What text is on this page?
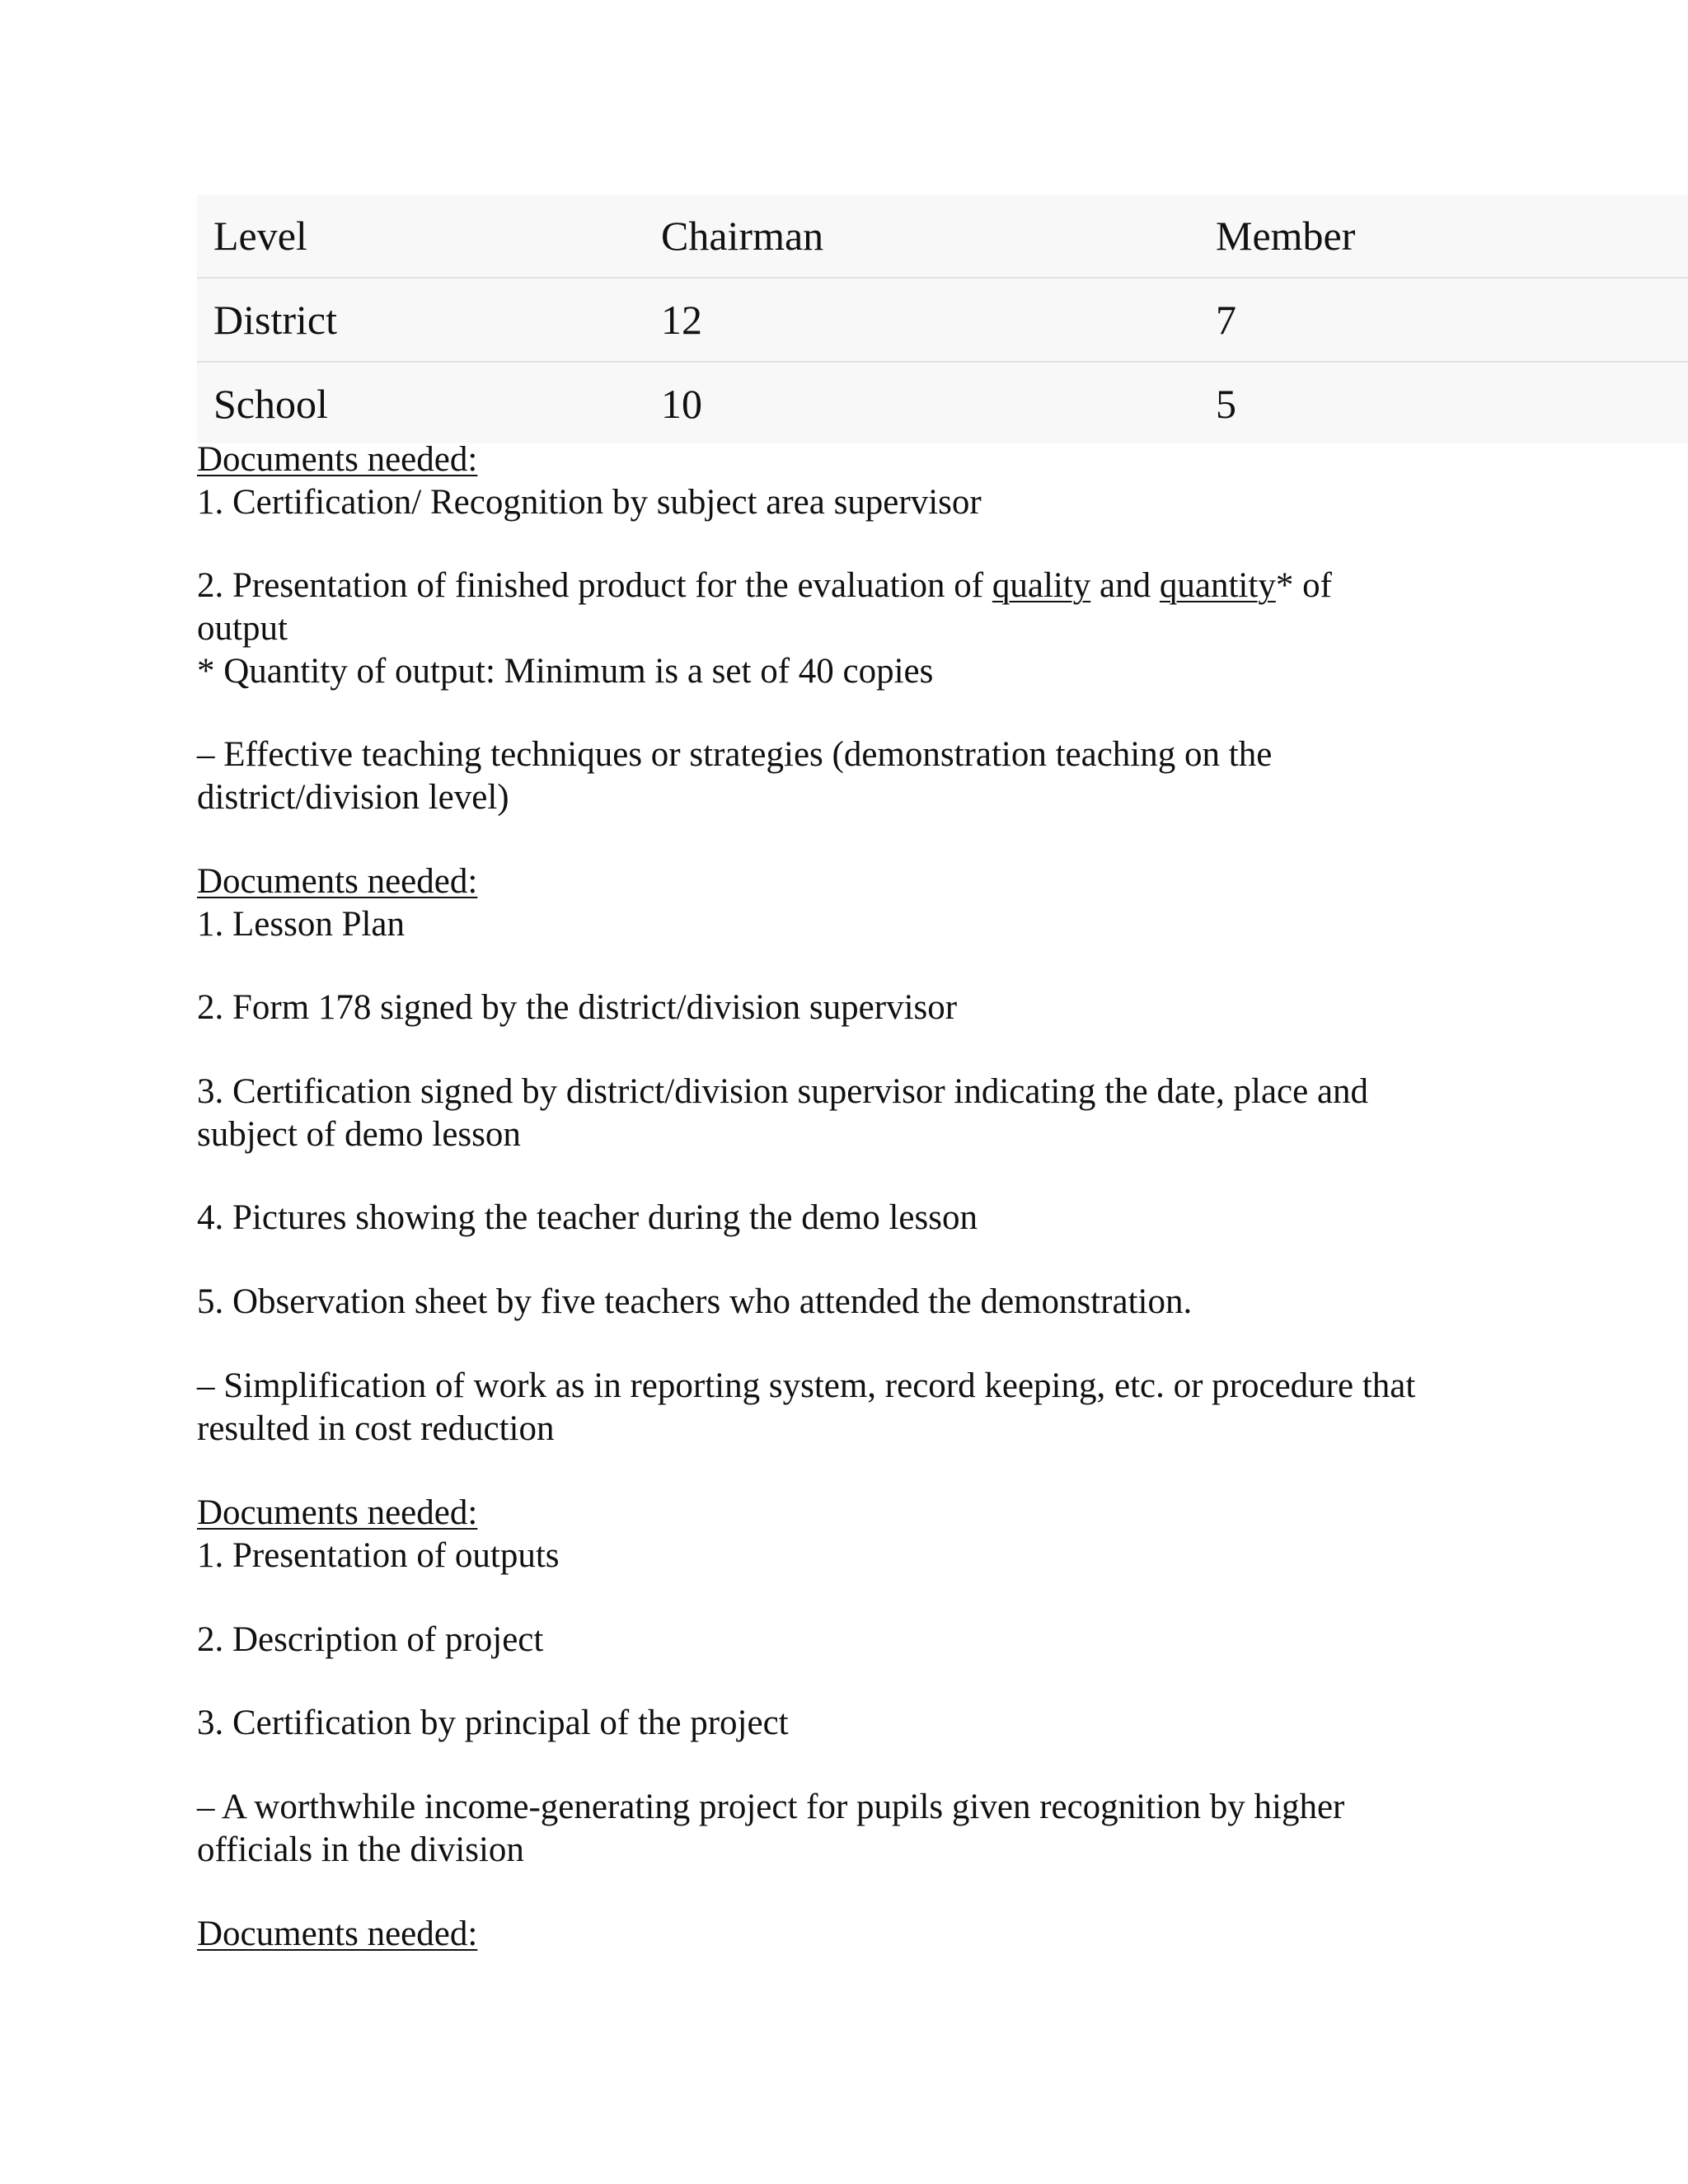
Level	Chairman	Member
District	12	7
School	10	5

Documents needed:

1. Certification/ Recognition by subject area supervisor

2. Presentation of finished product for the evaluation of quality and quantity* of

output

* Quantity of output: Minimum is a set of 40 copies

– Effective teaching techniques or strategies (demonstration teaching on the

district/division level)

Documents needed:

1. Lesson Plan

2. Form 178 signed by the district/division supervisor

3. Certification signed by district/division supervisor indicating the date, place and

subject of demo lesson

4. Pictures showing the teacher during the demo lesson

5. Observation sheet by five teachers who attended the demonstration.

– Simplification of work as in reporting system, record keeping, etc. or procedure that

resulted in cost reduction

Documents needed:

1. Presentation of outputs

2. Description of project

3. Certification by principal of the project

– A worthwhile income-generating project for pupils given recognition by higher

officials in the division

Documents needed:
